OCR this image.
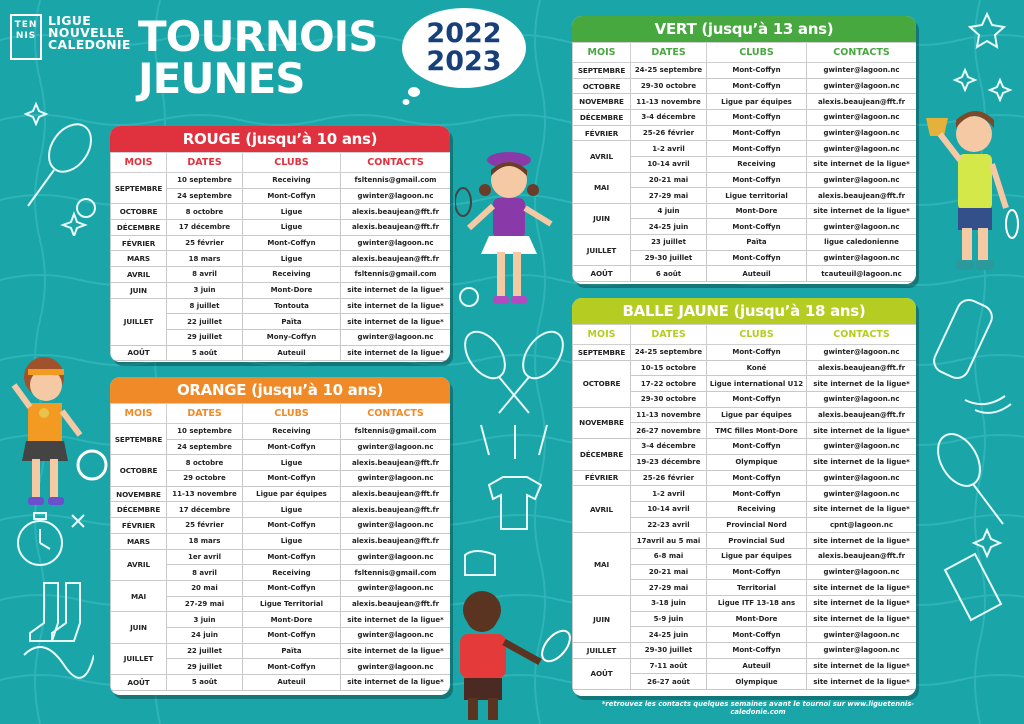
TEN
NIS
LIGUE
NOUVELLE
CALEDONIE TOURNOIS
JEUNES
2022
2023
ROUGE (jusqu’à 10 ans)
MOIS	DATES	CLUBS	CONTACTS
SEPTEMBRE	10 septembre	Receiving	fsltennis@gmail.com
	24 septembre	Mont-Coffyn	gwinter@lagoon.nc
OCTOBRE	8 octobre	Ligue	alexis.beaujean@fft.fr
DÉCEMBRE	17 décembre	Ligue	alexis.beaujean@fft.fr
FÉVRIER	25 février	Mont-Coffyn	gwinter@lagoon.nc
MARS	18 mars	Ligue	alexis.beaujean@fft.fr
AVRIL	8 avril	Receiving	fsltennis@gmail.com
JUIN	3 juin	Mont-Dore	site internet de la ligue*
JUILLET	8 juillet	Tontouta	site internet de la ligue*
	22 juillet	Païta	site internet de la ligue*
	29 juillet	Mony-Coffyn	gwinter@lagoon.nc
AOÛT	5 août	Auteuil	site internet de la ligue*
ORANGE (jusqu’à 10 ans)
MOIS	DATES	CLUBS	CONTACTS
SEPTEMBRE	10 septembre	Receiving	fsltennis@gmail.com
	24 septembre	Mont-Coffyn	gwinter@lagoon.nc
OCTOBRE	8 octobre	Ligue	alexis.beaujean@fft.fr
	29 octobre	Mont-Coffyn	gwinter@lagoon.nc
NOVEMBRE	11-13 novembre	Ligue par équipes	alexis.beaujean@fft.fr
DÉCEMBRE	17 décembre	Ligue	alexis.beaujean@fft.fr
FÉVRIER	25 février	Mont-Coffyn	gwinter@lagoon.nc
MARS	18 mars	Ligue	alexis.beaujean@fft.fr
AVRIL	1er avril	Mont-Coffyn	gwinter@lagoon.nc
	8 avril	Receiving	fsltennis@gmail.com
MAI	20 mai	Mont-Coffyn	gwinter@lagoon.nc
	27-29 mai	Ligue Territorial	alexis.beaujean@fft.fr
JUIN	3 juin	Mont-Dore	site internet de la ligue*
	24 juin	Mont-Coffyn	gwinter@lagoon.nc
JUILLET	22 juillet	Païta	site internet de la ligue*
	29 juillet	Mont-Coffyn	gwinter@lagoon.nc
AOÛT	5 août	Auteuil	site internet de la ligue*
VERT (jusqu’à 13 ans)
MOIS	DATES	CLUBS	CONTACTS
SEPTEMBRE	24-25 septembre	Mont-Coffyn	gwinter@lagoon.nc
OCTOBRE	29-30 octobre	Mont-Coffyn	gwinter@lagoon.nc
NOVEMBRE	11-13 novembre	Ligue par équipes	alexis.beaujean@fft.fr
DÉCEMBRE	3-4 décembre	Mont-Coffyn	gwinter@lagoon.nc
FÉVRIER	25-26 février	Mont-Coffyn	gwinter@lagoon.nc
AVRIL	1-2 avril	Mont-Coffyn	gwinter@lagoon.nc
	10-14 avril	Receiving	site internet de la ligue*
MAI	20-21 mai	Mont-Coffyn	gwinter@lagoon.nc
	27-29 mai	Ligue territorial	alexis.beaujean@fft.fr
JUIN	4 juin	Mont-Dore	site internet de la ligue*
	24-25 juin	Mont-Coffyn	gwinter@lagoon.nc
JUILLET	23 juillet	Païta	ligue caledonienne
	29-30 juillet	Mont-Coffyn	gwinter@lagoon.nc
AOÛT	6 août	Auteuil	tcauteuil@lagoon.nc
BALLE JAUNE (jusqu’à 18 ans)
MOIS	DATES	CLUBS	CONTACTS
SEPTEMBRE	24-25 septembre	Mont-Coffyn	gwinter@lagoon.nc
OCTOBRE	10-15 octobre	Koné	alexis.beaujean@fft.fr
	17-22 octobre	Ligue international U12	site internet de la ligue*
	29-30 octobre	Mont-Coffyn	gwinter@lagoon.nc
NOVEMBRE	11-13 novembre	Ligue par équipes	alexis.beaujean@fft.fr
	26-27 novembre	TMC filles Mont-Dore	site internet de la ligue*
DÉCEMBRE	3-4 décembre	Mont-Coffyn	gwinter@lagoon.nc
	19-23 décembre	Olympique	site internet de la ligue*
FÉVRIER	25-26 février	Mont-Coffyn	gwinter@lagoon.nc
AVRIL	1-2 avril	Mont-Coffyn	gwinter@lagoon.nc
	10-14 avril	Receiving	site internet de la ligue*
	22-23 avril	Provincial Nord	cpnt@lagoon.nc
MAI	17avril au 5 mai	Provincial Sud	site internet de la ligue*
	6-8 mai	Ligue par équipes	alexis.beaujean@fft.fr
	20-21 mai	Mont-Coffyn	gwinter@lagoon.nc
	27-29 mai	Territorial	site internet de la ligue*
JUIN	3-18 juin	Ligue ITF 13-18 ans	site internet de la ligue*
	5-9 juin	Mont-Dore	site internet de la ligue*
	24-25 juin	Mont-Coffyn	gwinter@lagoon.nc
JUILLET	29-30 juillet	Mont-Coffyn	gwinter@lagoon.nc
AOÛT	7-11 août	Auteuil	site internet de la ligue*
	26-27 août	Olympique	site internet de la ligue*
*retrouvez les contacts quelques semaines avant le tournoi sur www.liguetennis-caledonie.com
